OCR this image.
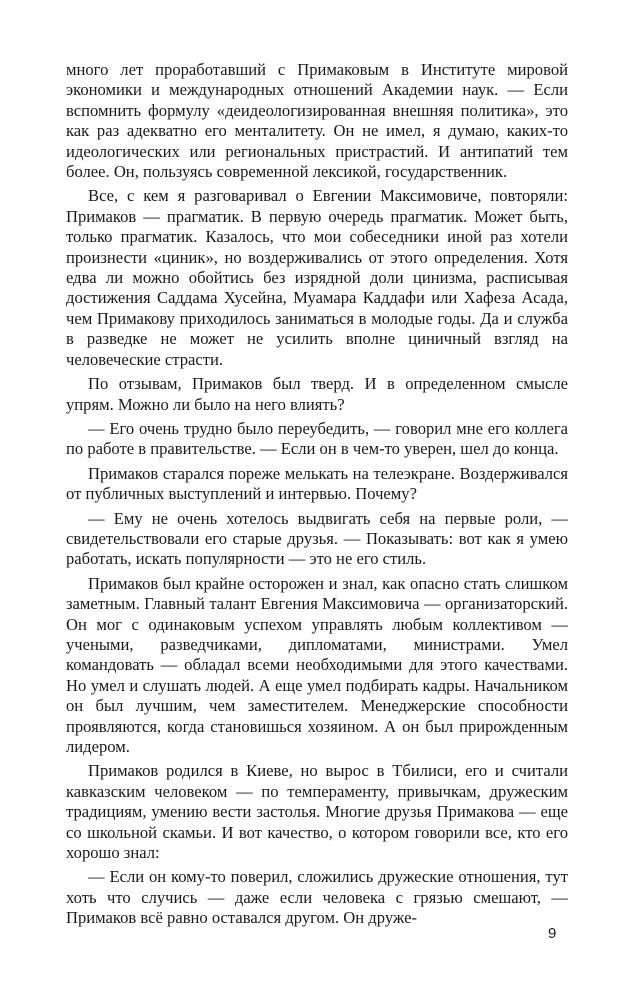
много лет проработавший с Примаковым в Институте мировой экономики и международных отношений Академии наук. — Если вспомнить формулу «деидеологизированная внешняя политика», это как раз адекватно его менталитету. Он не имел, я думаю, каких-то идеологических или региональных пристрастий. И антипатий тем более. Он, пользуясь современной лексикой, государственник.

Все, с кем я разговаривал о Евгении Максимовиче, повторяли: Примаков — прагматик. В первую очередь прагматик. Может быть, только прагматик. Казалось, что мои собеседники иной раз хотели произнести «циник», но воздерживались от этого определения. Хотя едва ли можно обойтись без изрядной доли цинизма, расписывая достижения Саддама Хусейна, Муамара Каддафи или Хафеза Асада, чем Примакову приходилось заниматься в молодые годы. Да и служба в разведке не может не усилить вполне циничный взгляд на человеческие страсти.

По отзывам, Примаков был тверд. И в определенном смысле упрям. Можно ли было на него влиять?

— Его очень трудно было переубедить, — говорил мне его коллега по работе в правительстве. — Если он в чем-то уверен, шел до конца.

Примаков старался пореже мелькать на телеэкране. Воздерживался от публичных выступлений и интервью. Почему?

— Ему не очень хотелось выдвигать себя на первые роли, — свидетельствовали его старые друзья. — Показывать: вот как я умею работать, искать популярности — это не его стиль.

Примаков был крайне осторожен и знал, как опасно стать слишком заметным. Главный талант Евгения Максимовича — организаторский. Он мог с одинаковым успехом управлять любым коллективом — учеными, разведчиками, дипломатами, министрами. Умел командовать — обладал всеми необходимыми для этого качествами. Но умел и слушать людей. А еще умел подбирать кадры. Начальником он был лучшим, чем заместителем. Менеджерские способности проявляются, когда становишься хозяином. А он был прирожденным лидером.

Примаков родился в Киеве, но вырос в Тбилиси, его и считали кавказским человеком — по темпераменту, привычкам, дружеским традициям, умению вести застолья. Многие друзья Примакова — еще со школьной скамьи. И вот качество, о котором говорили все, кто его хорошо знал:

— Если он кому-то поверил, сложились дружеские отношения, тут хоть что случись — даже если человека с грязью смешают, — Примаков всё равно оставался другом. Он друже-

9
